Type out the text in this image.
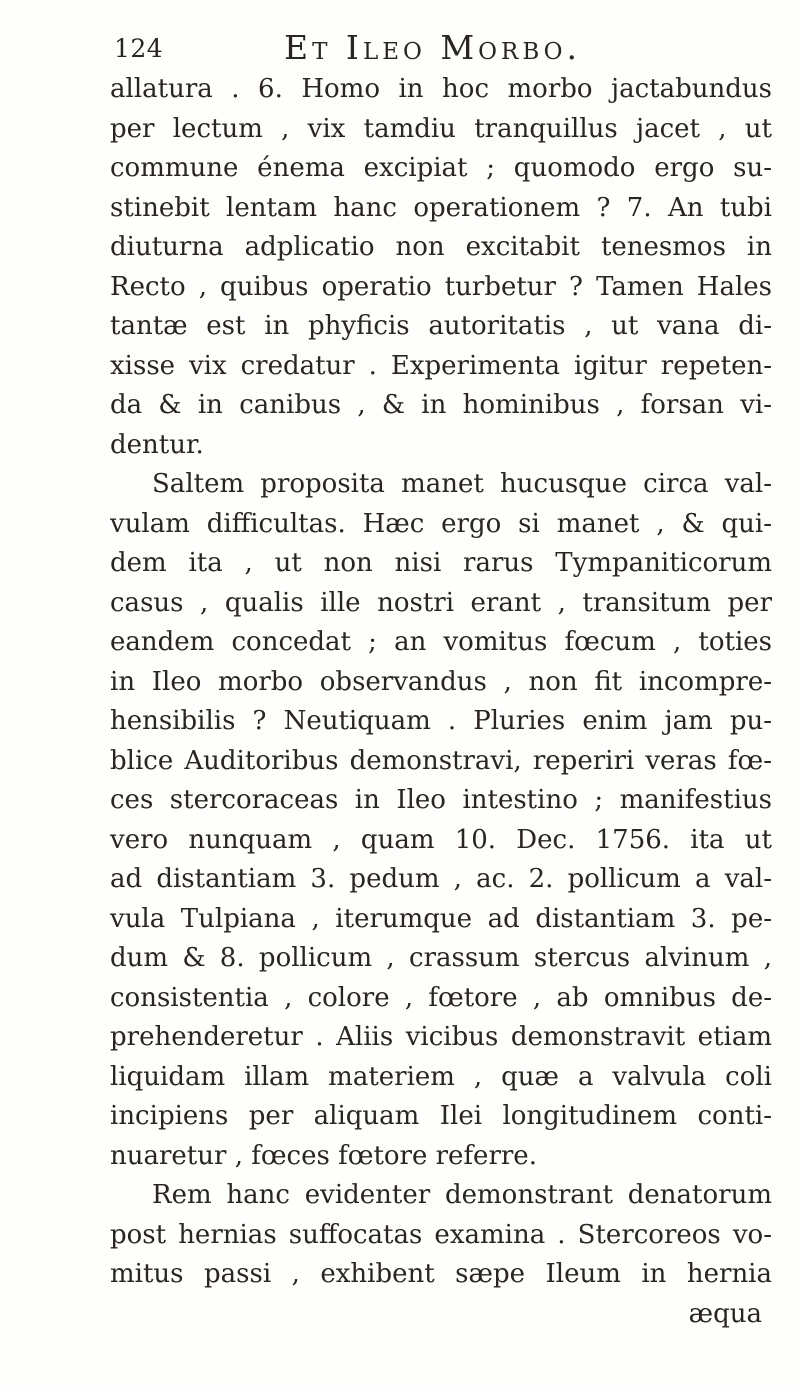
124	Et Ileo Morbo.
allatura . 6. Homo in hoc morbo jactabundus
per lectum , vix tamdiu tranquillus jacet , ut
commune énema excipiat ; quomodo ergo su-
stinebit lentam hanc operationem ? 7. An tubi
diuturna adplicatio non excitabit tenesmos in
Recto , quibus operatio turbetur ? Tamen Hales
tantæ est in phyficis autoritatis , ut vana di-
xisse vix credatur . Experimenta igitur repeten-
da & in canibus , & in hominibus , forsan vi-
dentur.
Saltem proposita manet hucusque circa val-
vulam difficultas. Hæc ergo si manet , & qui-
dem ita , ut non nisi rarus Tympaniticorum
casus , qualis ille nostri erant , transitum per
eandem concedat ; an vomitus fœcum , toties
in Ileo morbo observandus , non fit incompre-
hensibilis ? Neutiquam . Pluries enim jam pu-
blice Auditoribus demonstravi, reperiri veras fœ-
ces stercoraceas in Ileo intestino ; manifestius
vero nunquam , quam 10. Dec. 1756. ita ut
ad distantiam 3. pedum , ac. 2. pollicum a val-
vula Tulpiana , iterumque ad distantiam 3. pe-
dum & 8. pollicum , crassum stercus alvinum ,
consistentia , colore , fœtore , ab omnibus de-
prehenderetur . Aliis vicibus demonstravit etiam
liquidam illam materiem , quæ a valvula coli
incipiens per aliquam Ilei longitudinem conti-
nuaretur , fœces fœtore referre.
Rem hanc evidenter demonstrant denatorum
post hernias suffocatas examina . Stercoreos vo-
mitus passi , exhibent sæpe Ileum in hernia
æqua
